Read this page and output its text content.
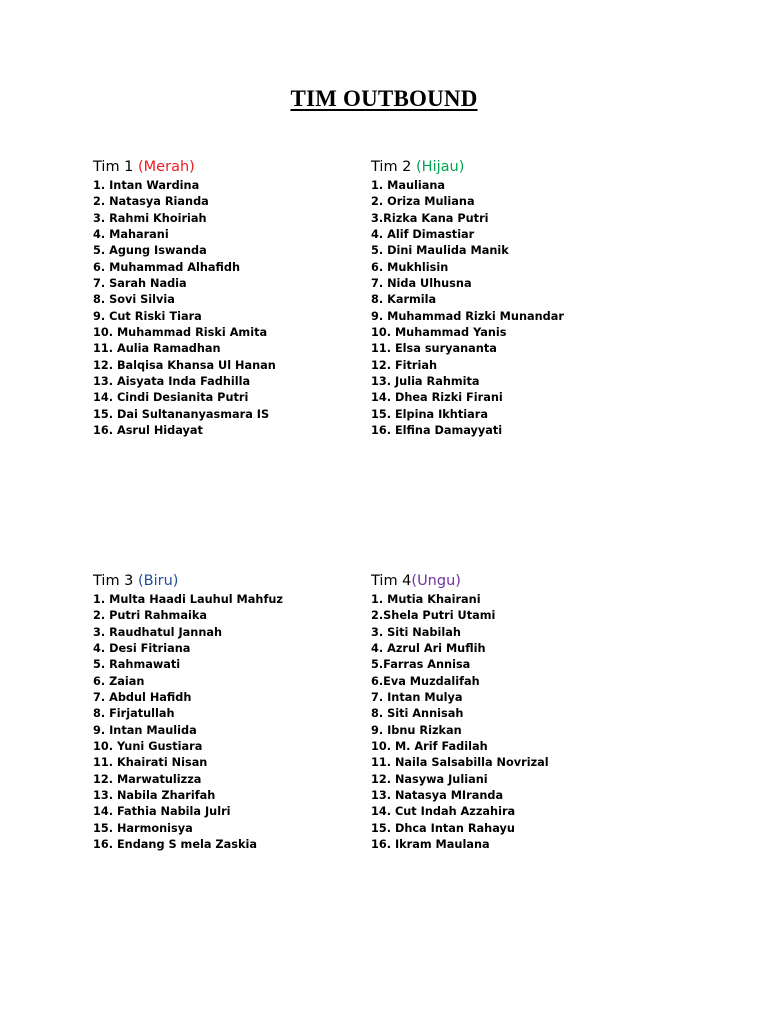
TIM OUTBOUND
Tim 1 (Merah)
1. Intan Wardina
2. Natasya Rianda
3. Rahmi Khoiriah
4. Maharani
5. Agung Iswanda
6. Muhammad Alhafidh
7. Sarah Nadia
8. Sovi Silvia
9. Cut Riski Tiara
10. Muhammad Riski Amita
11. Aulia Ramadhan
12. Balqisa Khansa Ul Hanan
13. Aisyata Inda Fadhilla
14. Cindi Desianita Putri
15. Dai Sultananyasmara IS
16. Asrul Hidayat
Tim 2 (Hijau)
1. Mauliana
2. Oriza Muliana
3.Rizka Kana Putri
4. Alif Dimastiar
5. Dini Maulida Manik
6. Mukhlisin
7. Nida Ulhusna
8. Karmila
9. Muhammad Rizki Munandar
10. Muhammad Yanis
11. Elsa suryananta
12. Fitriah
13. Julia Rahmita
14. Dhea Rizki Firani
15. Elpina Ikhtiara
16. Elfina Damayyati
Tim 3 (Biru)
1. Multa Haadi Lauhul Mahfuz
2. Putri Rahmaika
3. Raudhatul Jannah
4. Desi Fitriana
5. Rahmawati
6. Zaian
7. Abdul Hafidh
8. Firjatullah
9. Intan Maulida
10. Yuni Gustiara
11. Khairati Nisan
12. Marwatulizza
13. Nabila Zharifah
14. Fathia Nabila Julri
15. Harmonisya
16. Endang S mela Zaskia
Tim 4(Ungu)
1. Mutia Khairani
2.Shela Putri Utami
3. Siti Nabilah
4. Azrul Ari Muflih
5.Farras Annisa
6.Eva Muzdalifah
7. Intan Mulya
8. Siti Annisah
9. Ibnu Rizkan
10. M. Arif Fadilah
11. Naila Salsabilla Novrizal
12. Nasywa Juliani
13. Natasya MIranda
14. Cut Indah Azzahira
15. Dhca Intan Rahayu
16. Ikram Maulana
